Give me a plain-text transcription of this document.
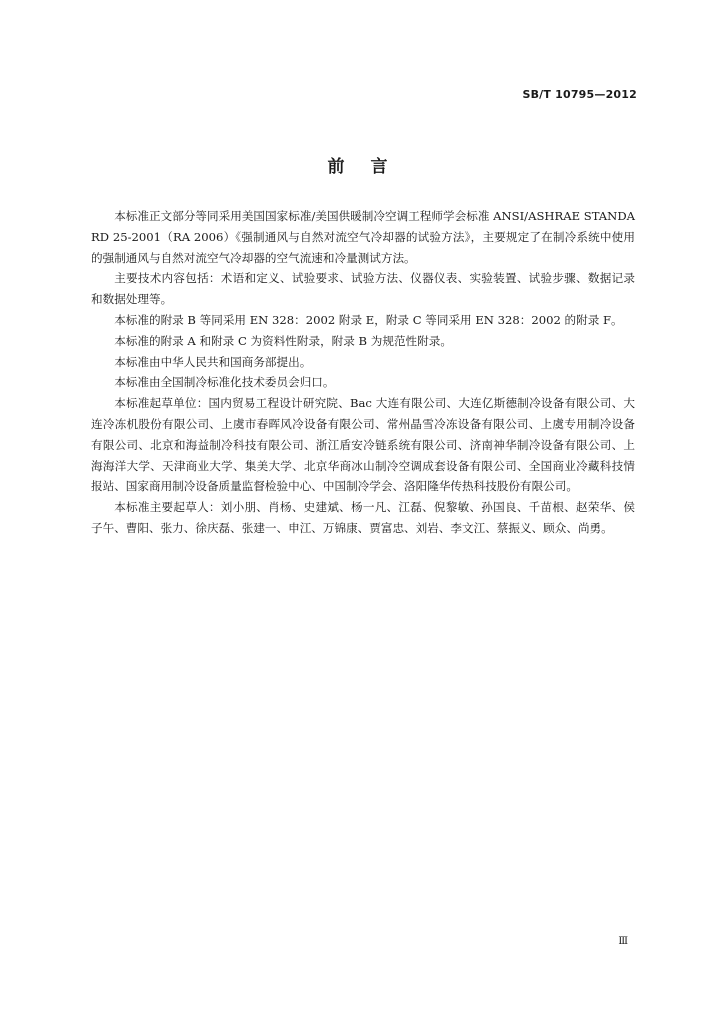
SB/T 10795—2012
前言

本标准正文部分等同采用美国国家标准/美国供暖制冷空调工程师学会标准 ANSI/ASHRAE STANDARD 25-2001（RA 2006）《强制通风与自然对流空气冷却器的试验方法》，主要规定了在制冷系统中使用的强制通风与自然对流空气冷却器的空气流速和冷量测试方法。

主要技术内容包括：术语和定义、试验要求、试验方法、仪器仪表、实验装置、试验步骤、数据记录和数据处理等。

本标准的附录 B 等同采用 EN 328：2002 附录 E，附录 C 等同采用 EN 328：2002 的附录 F。

本标准的附录 A 和附录 C 为资料性附录，附录 B 为规范性附录。

本标准由中华人民共和国商务部提出。

本标准由全国制冷标准化技术委员会归口。

本标准起草单位：国内贸易工程设计研究院、Bac 大连有限公司、大连亿斯德制冷设备有限公司、大连冷冻机股份有限公司、上虞市春晖风冷设备有限公司、常州晶雪冷冻设备有限公司、上虞专用制冷设备有限公司、北京和海益制冷科技有限公司、浙江盾安冷链系统有限公司、济南神华制冷设备有限公司、上海海洋大学、天津商业大学、集美大学、北京华商冰山制冷空调成套设备有限公司、全国商业冷藏科技情报站、国家商用制冷设备质量监督检验中心、中国制冷学会、洛阳隆华传热科技股份有限公司。

本标准主要起草人：刘小朋、肖杨、史建斌、杨一凡、江磊、倪黎敏、孙国良、千苗根、赵荣华、侯子午、曹阳、张力、徐庆磊、张建一、申江、万锦康、贾富忠、刘岩、李文江、蔡振义、顾众、尚勇。

Ⅲ
